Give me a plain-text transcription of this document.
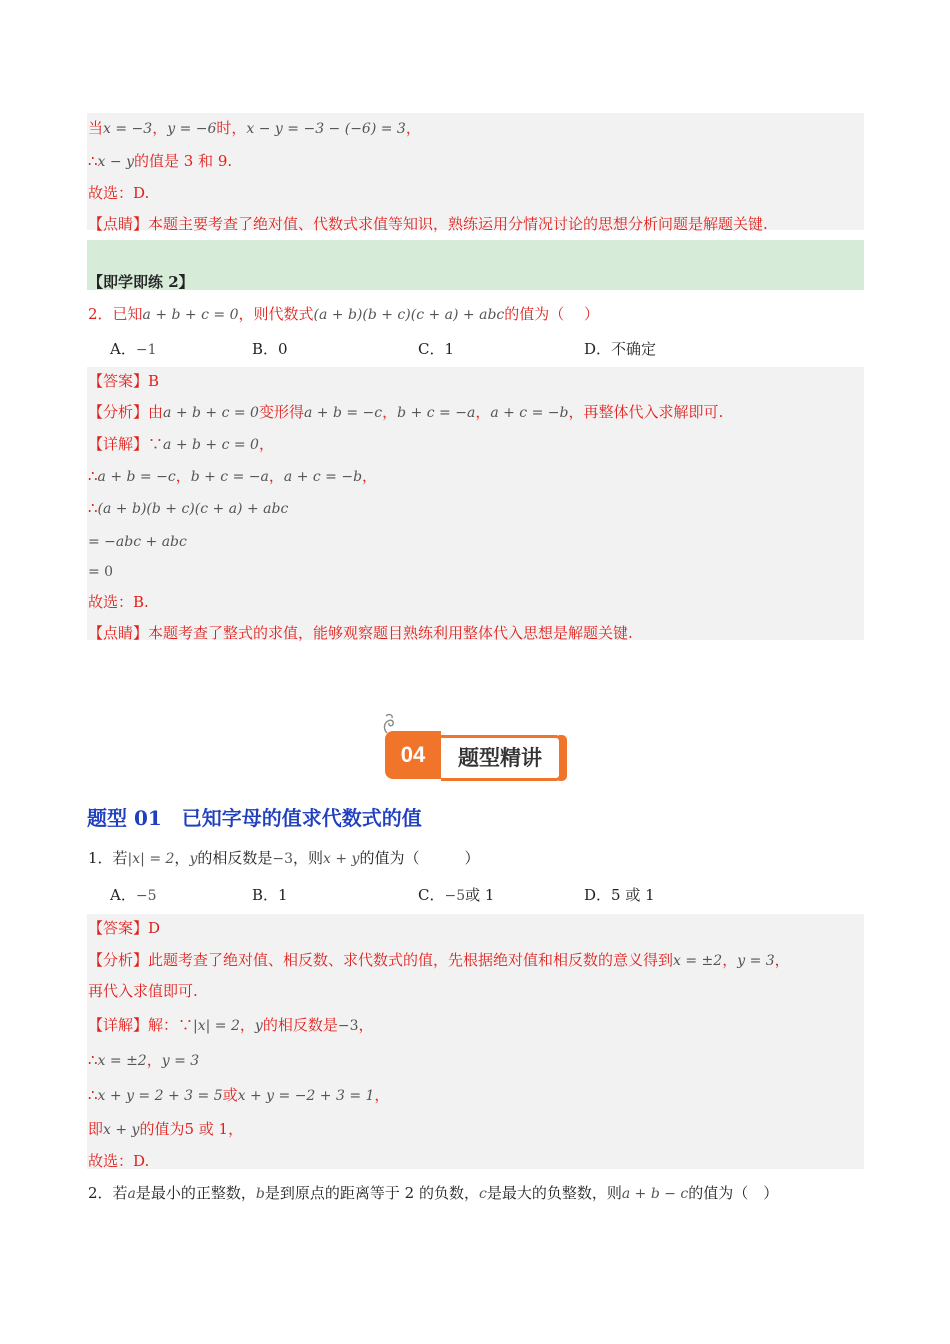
当x = −3，y = −6时，x − y = −3 − (−6) = 3，
∴x − y的值是 3 和 9.
故选：D.
【点睛】本题主要考查了绝对值、代数式求值等知识，熟练运用分情况讨论的思想分析问题是解题关键.
【即学即练 2】
2．已知a + b + c = 0，则代数式(a + b)(b + c)(c + a) + abc的值为（　 ）
A．−1	B．0	C．1	D．不确定
【答案】B
【分析】由a + b + c = 0变形得a + b = −c，b + c = −a，a + c = −b，再整体代入求解即可.
【详解】∵a + b + c = 0，
∴a + b = −c，b + c = −a，a + c = −b，
∴(a + b)(b + c)(c + a) + abc
= −abc + abc
= 0
故选：B.
【点睛】本题考查了整式的求值，能够观察题目熟练利用整体代入思想是解题关键.
04	题型精讲
题型 01　已知字母的值求代数式的值
1．若|x| = 2，y的相反数是−3，则x + y的值为（　　　）
A．−5	B．1	C．−5或 1	D．5 或 1
【答案】D
【分析】此题考查了绝对值、相反数、求代数式的值，先根据绝对值和相反数的意义得到x = ±2，y = 3，
再代入求值即可.
【详解】解：∵|x| = 2，y的相反数是−3，
∴x = ±2，y = 3
∴x + y = 2 + 3 = 5或x + y = −2 + 3 = 1，
即x + y的值为5 或 1，
故选：D.
2．若a是最小的正整数，b是到原点的距离等于 2 的负数，c是最大的负整数，则a + b − c的值为（　）
